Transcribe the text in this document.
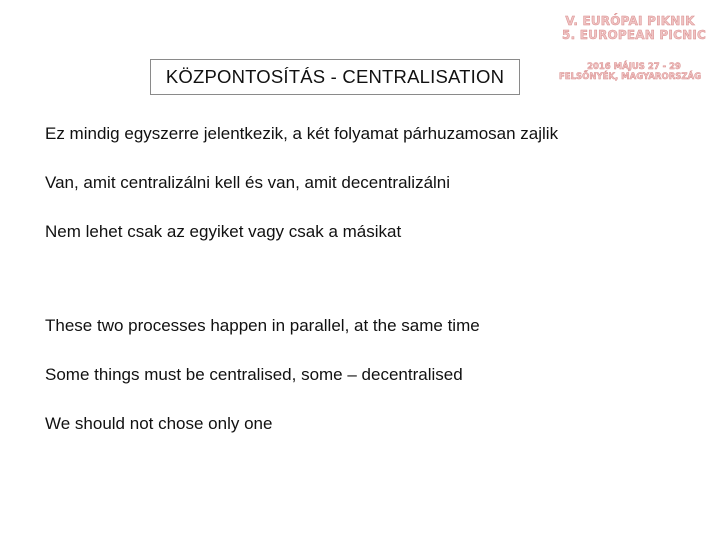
KÖZPONTOSÍTÁS - CENTRALISATION
V. EURÓPAI PIKNIK
5. EUROPEAN PICNIC
2016 MÁJUS 27 - 29
FELSŐNYÉK, MAGYARORSZÁG
Ez mindig egyszerre jelentkezik, a két folyamat párhuzamosan zajlik
Van, amit centralizálni kell és van, amit decentralizálni
Nem lehet csak az egyiket vagy csak a másikat
These two processes happen in parallel, at the same time
Some things must be centralised, some – decentralised
We should not chose only one
